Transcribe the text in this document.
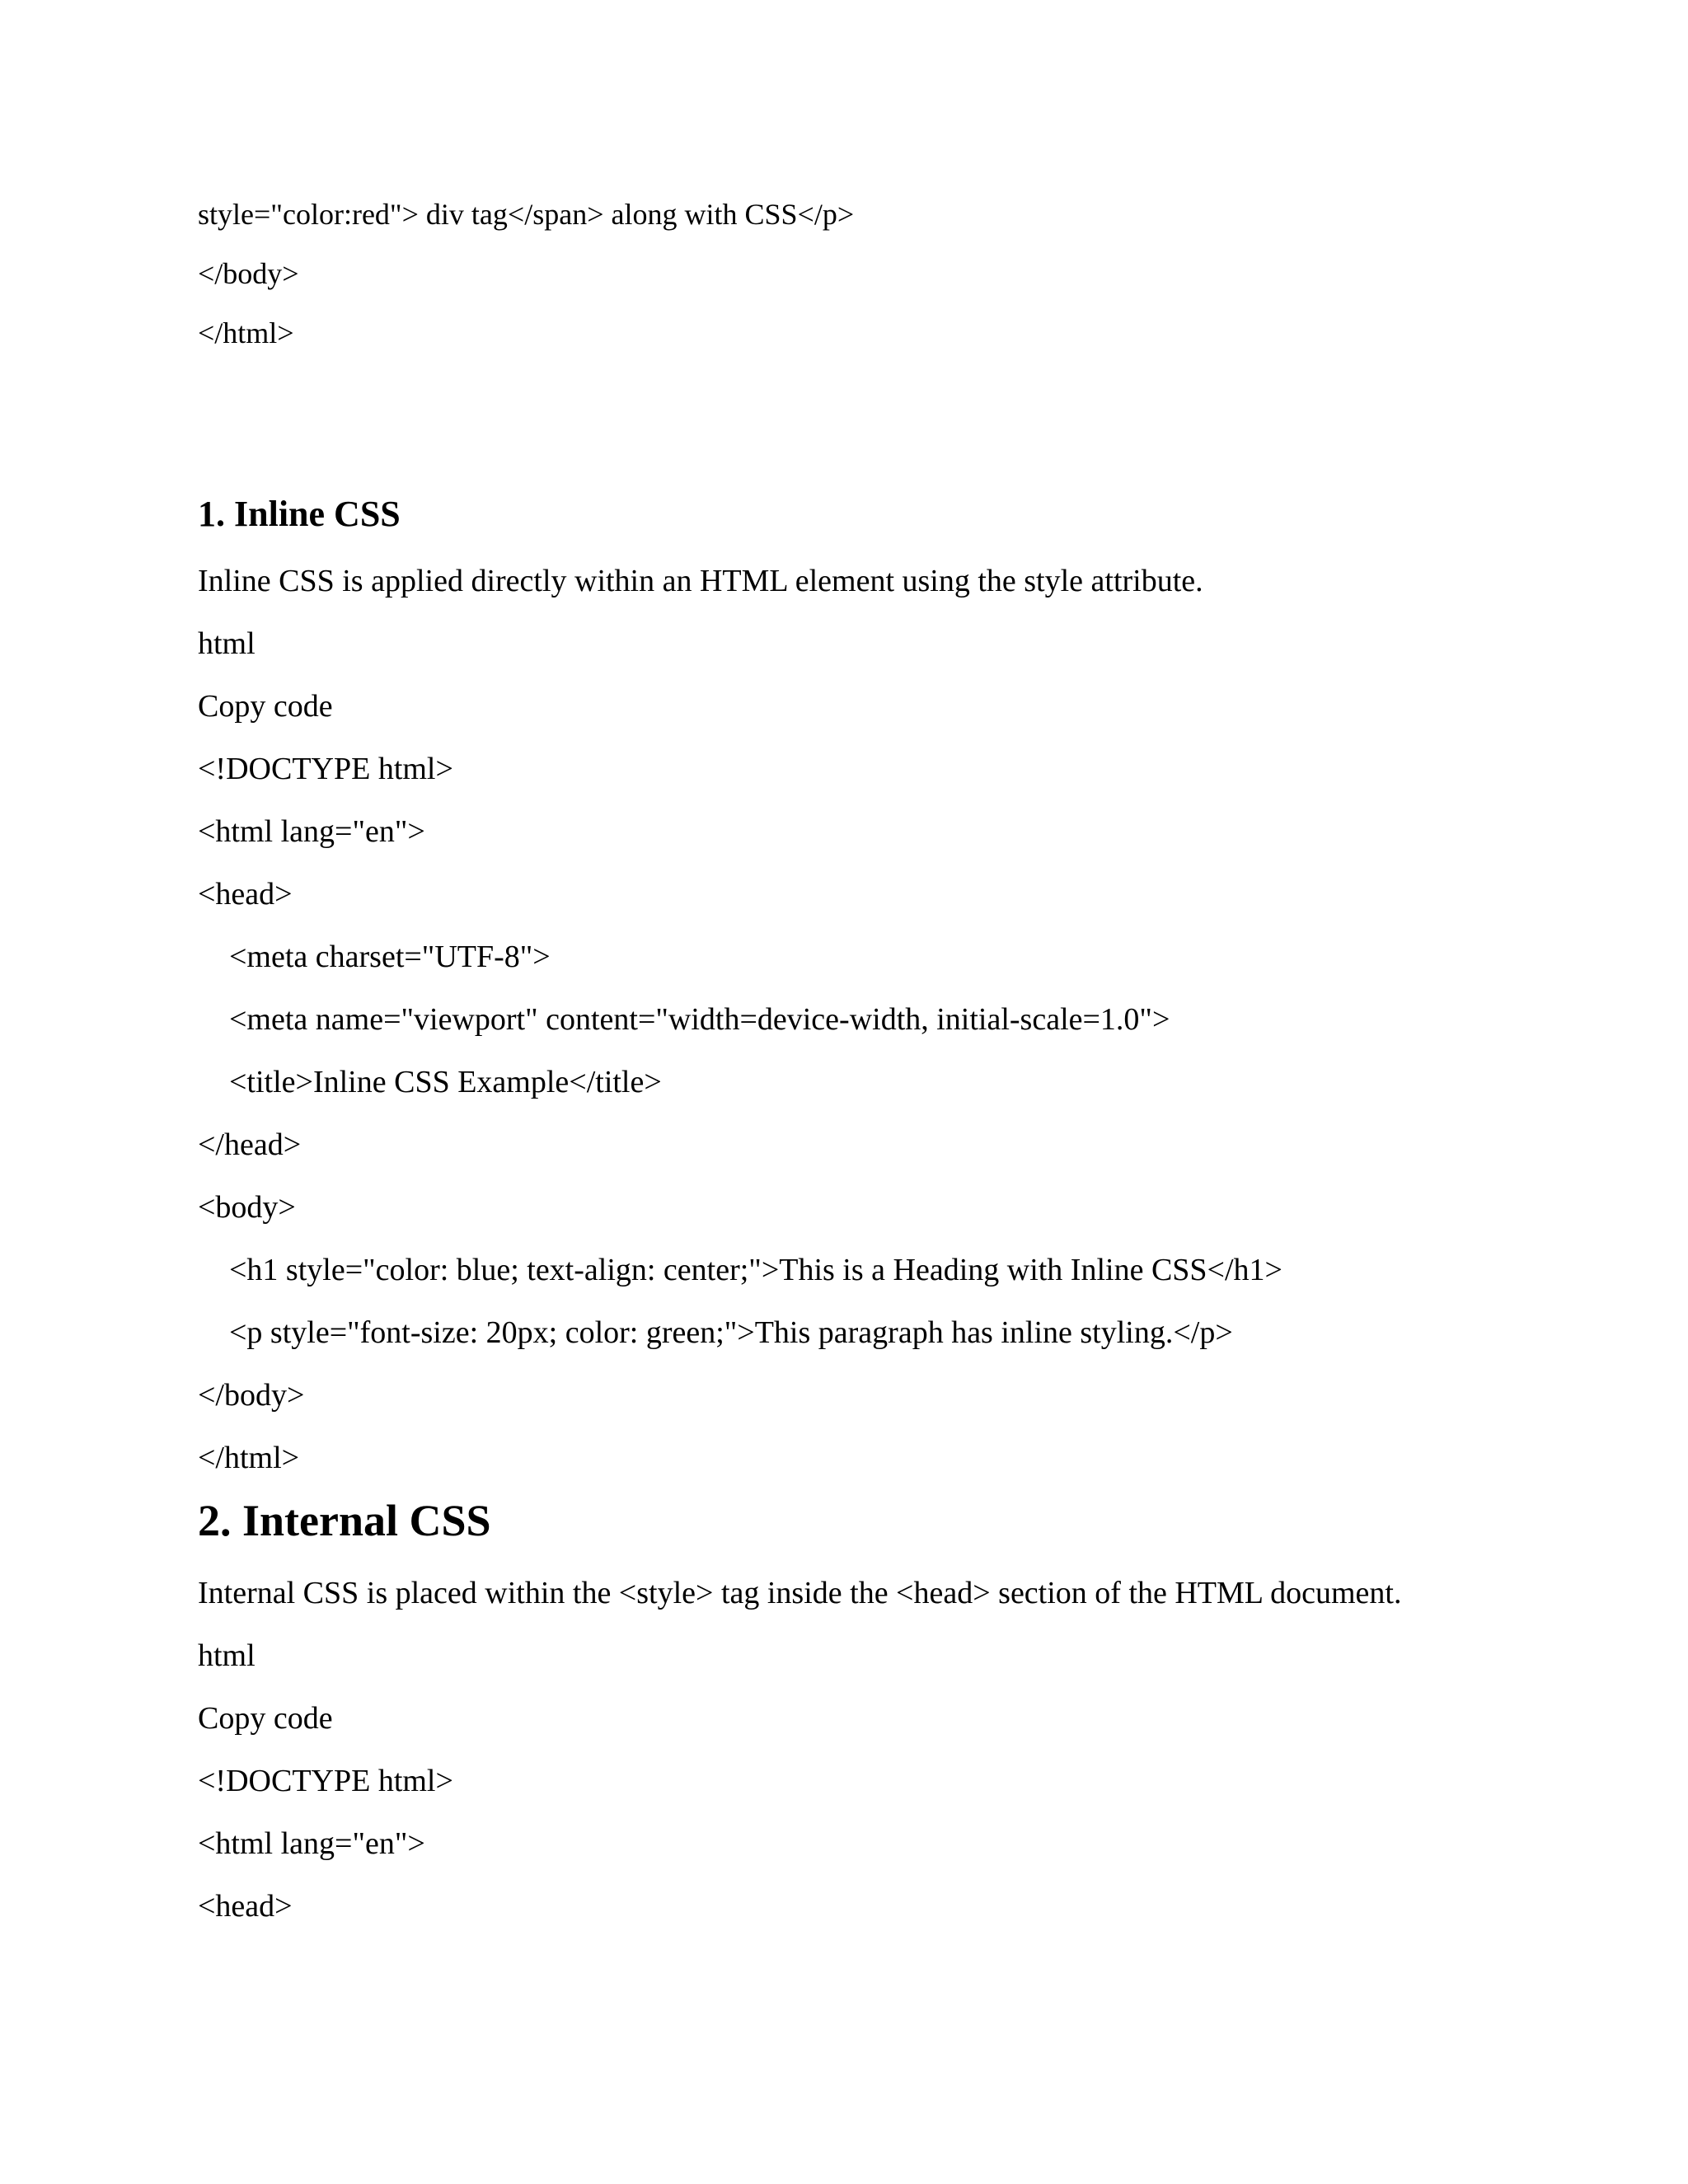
style="color:red"> div tag</span> along with CSS</p>
</body>
</html>
1. Inline CSS
Inline CSS is applied directly within an HTML element using the style attribute.
html
Copy code
<!DOCTYPE html>
<html lang="en">
<head>
<meta charset="UTF-8">
<meta name="viewport" content="width=device-width, initial-scale=1.0">
<title>Inline CSS Example</title>
</head>
<body>
<h1 style="color: blue; text-align: center;">This is a Heading with Inline CSS</h1>
<p style="font-size: 20px; color: green;">This paragraph has inline styling.</p>
</body>
</html>
2. Internal CSS
Internal CSS is placed within the <style> tag inside the <head> section of the HTML document.
html
Copy code
<!DOCTYPE html>
<html lang="en">
<head>
